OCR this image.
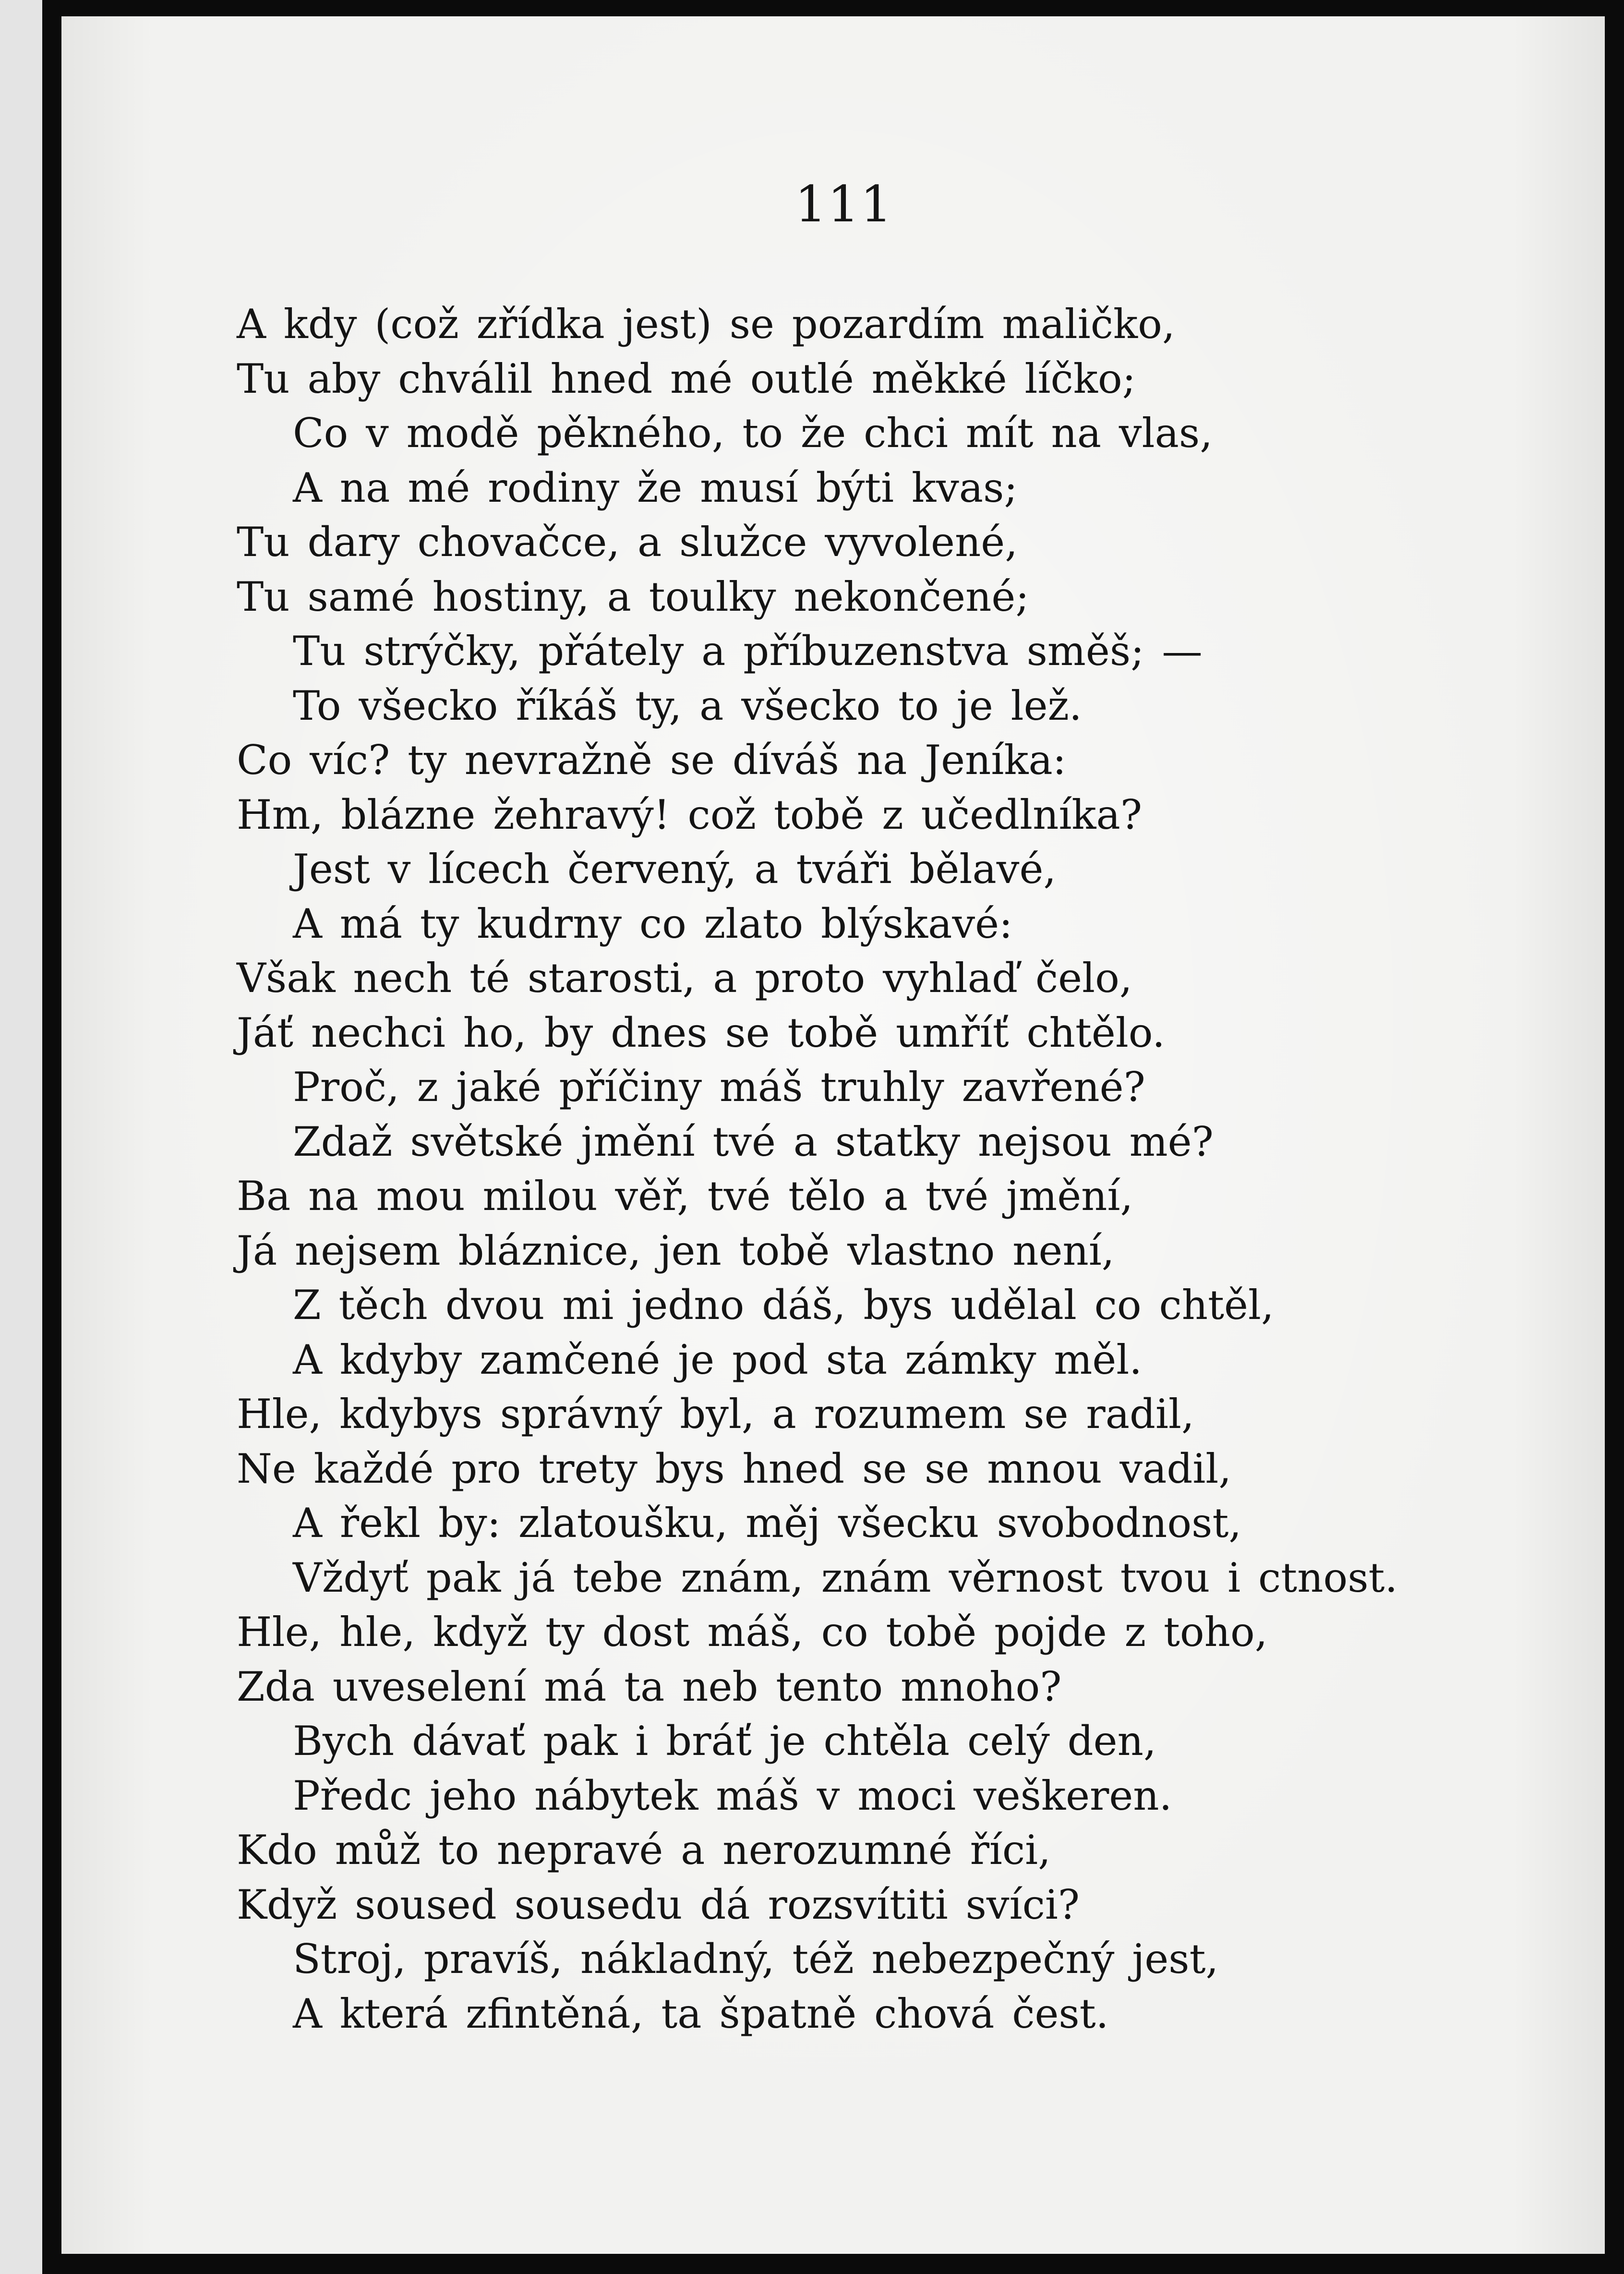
111
A kdy (což zřídka jest) se pozardím maličko,
Tu aby chválil hned mé outlé měkké líčko;
Co v modě pěkného, to že chci mít na vlas,
A na mé rodiny že musí býti kvas;
Tu dary chovačce, a služce vyvolené,
Tu samé hostiny, a toulky nekončené;
Tu strýčky, přátely a příbuzenstva směš; —
To všecko říkáš ty, a všecko to je lež.
Co víc? ty nevražně se díváš na Jeníka:
Hm, blázne žehravý! což tobě z učedlníka?
Jest v lícech červený, a tváři bělavé,
A má ty kudrny co zlato blýskavé:
Však nech té starosti, a proto vyhlaď čelo,
Jáť nechci ho, by dnes se tobě umříť chtělo.
Proč, z jaké příčiny máš truhly zavřené?
Zdaž světské jmění tvé a statky nejsou mé?
Ba na mou milou věř, tvé tělo a tvé jmění,
Já nejsem bláznice, jen tobě vlastno není,
Z těch dvou mi jedno dáš, bys udělal co chtěl,
A kdyby zamčené je pod sta zámky měl.
Hle, kdybys správný byl, a rozumem se radil,
Ne každé pro trety bys hned se se mnou vadil,
A řekl by: zlatoušku, měj všecku svobodnost,
Vždyť pak já tebe znám, znám věrnost tvou i ctnost.
Hle, hle, když ty dost máš, co tobě pojde z toho,
Zda uveselení má ta neb tento mnoho?
Bych dávať pak i bráť je chtěla celý den,
Předc jeho nábytek máš v moci veškeren.
Kdo můž to nepravé a nerozumné říci,
Když soused sousedu dá rozsvítiti svíci?
Stroj, pravíš, nákladný, též nebezpečný jest,
A která zfintěná, ta špatně chová čest.
